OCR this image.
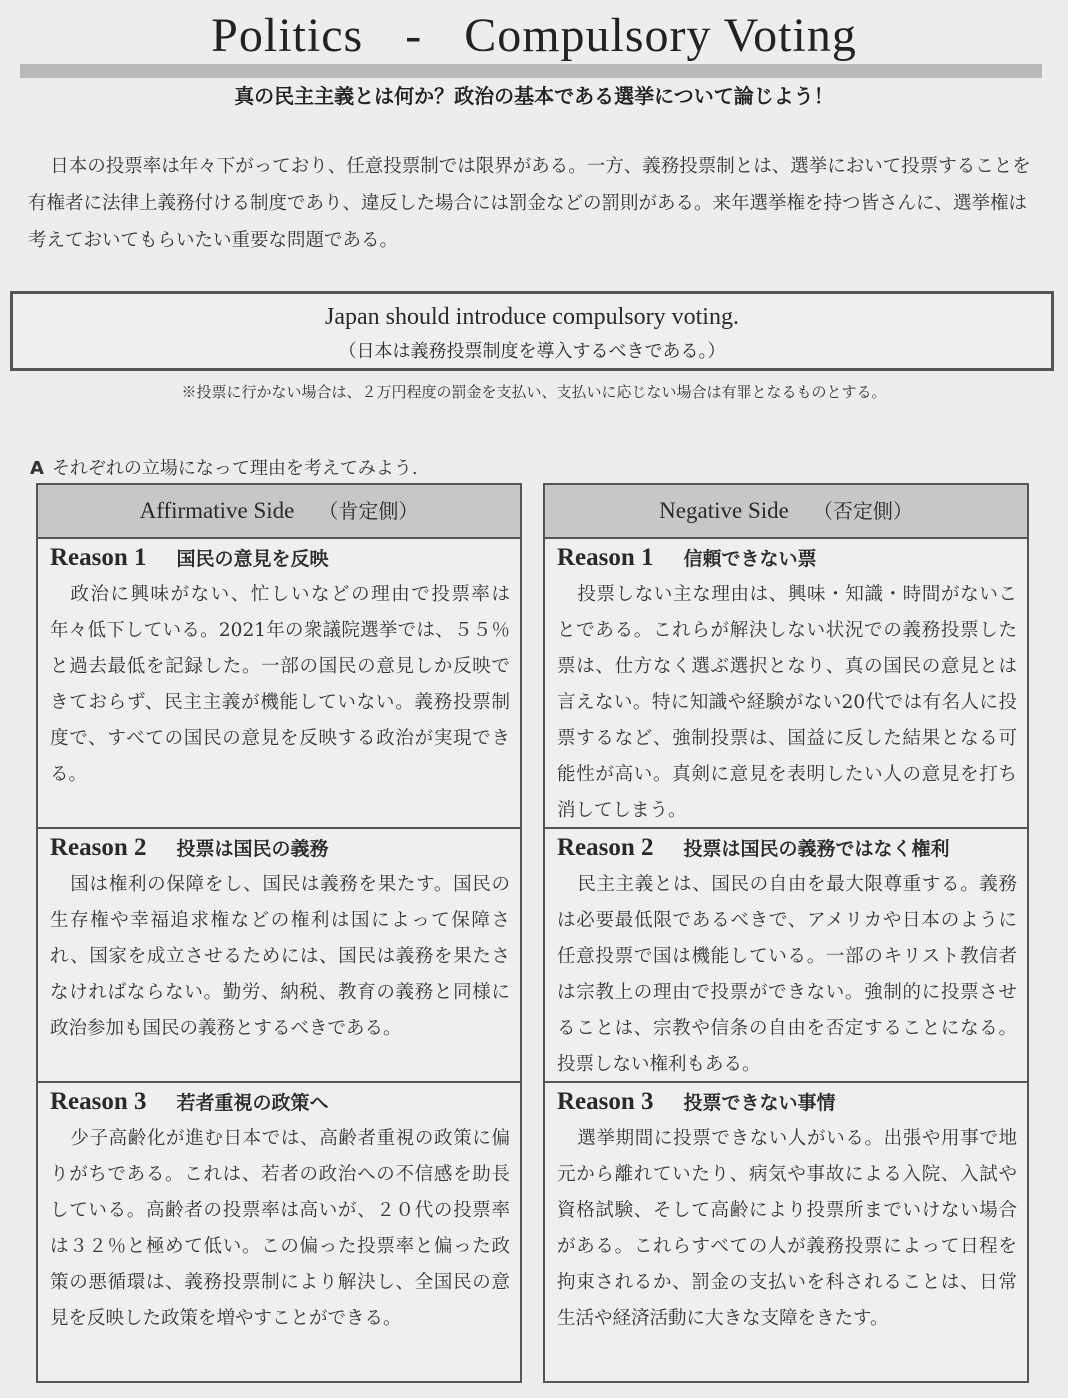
Politics - Compulsory Voting
真の民主主義とは何か？政治の基本である選挙について論じよう！
日本の投票率は年々下がっており、任意投票制では限界がある。一方、義務投票制とは、選挙において投票することを有権者に法律上義務付ける制度であり、違反した場合には罰金などの罰則がある。来年選挙権を持つ皆さんに、選挙権は考えておいてもらいたい重要な問題である。
Japan should introduce compulsory voting.
（日本は義務投票制度を導入するべきである。）
※投票に行かない場合は、２万円程度の罰金を支払い、支払いに応じない場合は有罪となるものとする。
A それぞれの立場になって理由を考えてみよう.
Affirmative Side （肯定側）
Reason 1 国民の意見を反映
政治に興味がない、忙しいなどの理由で投票率は年々低下している。2021年の衆議院選挙では、５５％と過去最低を記録した。一部の国民の意見しか反映できておらず、民主主義が機能していない。義務投票制度で、すべての国民の意見を反映する政治が実現できる。
Reason 2 投票は国民の義務
国は権利の保障をし、国民は義務を果たす。国民の生存権や幸福追求権などの権利は国によって保障され、国家を成立させるためには、国民は義務を果たさなければならない。勤労、納税、教育の義務と同様に政治参加も国民の義務とするべきである。
Reason 3 若者重視の政策へ
少子高齢化が進む日本では、高齢者重視の政策に偏りがちである。これは、若者の政治への不信感を助長している。高齢者の投票率は高いが、２０代の投票率は３２％と極めて低い。この偏った投票率と偏った政策の悪循環は、義務投票制により解決し、全国民の意見を反映した政策を増やすことができる。
Negative Side （否定側）
Reason 1 信頼できない票
投票しない主な理由は、興味・知識・時間がないことである。これらが解決しない状況での義務投票した票は、仕方なく選ぶ選択となり、真の国民の意見とは言えない。特に知識や経験がない20代では有名人に投票するなど、強制投票は、国益に反した結果となる可能性が高い。真剣に意見を表明したい人の意見を打ち消してしまう。
Reason 2 投票は国民の義務ではなく権利
民主主義とは、国民の自由を最大限尊重する。義務は必要最低限であるべきで、アメリカや日本のように任意投票で国は機能している。一部のキリスト教信者は宗教上の理由で投票ができない。強制的に投票させることは、宗教や信条の自由を否定することになる。投票しない権利もある。
Reason 3 投票できない事情
選挙期間に投票できない人がいる。出張や用事で地元から離れていたり、病気や事故による入院、入試や資格試験、そして高齢により投票所までいけない場合がある。これらすべての人が義務投票によって日程を拘束されるか、罰金の支払いを科されることは、日常生活や経済活動に大きな支障をきたす。
